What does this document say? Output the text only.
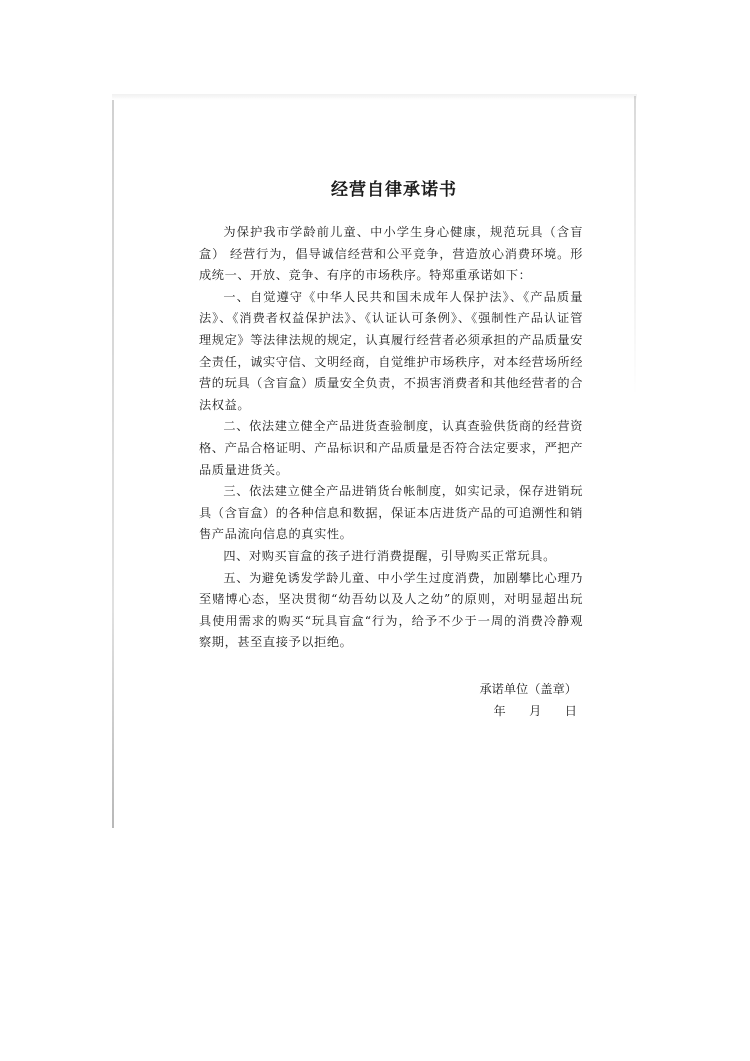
经营自律承诺书

为保护我市学龄前儿童、中小学生身心健康，规范玩具（含盲盒） 经营行为，倡导诚信经营和公平竞争，营造放心消费环境。形成统一、开放、竞争、有序的市场秩序。特郑重承诺如下：

一、自觉遵守《中华人民共和国未成年人保护法》、《产品质量法》、《消费者权益保护法》、《认证认可条例》、《强制性产品认证管理规定》等法律法规的规定，认真履行经营者必须承担的产品质量安全责任，诚实守信、文明经商，自觉维护市场秩序，对本经营场所经营的玩具（含盲盒）质量安全负责，不损害消费者和其他经营者的合法权益。

二、依法建立健全产品进货查验制度，认真查验供货商的经营资格、产品合格证明、产品标识和产品质量是否符合法定要求，严把产品质量进货关。

三、依法建立健全产品进销货台帐制度，如实记录，保存进销玩具（含盲盒）的各种信息和数据，保证本店进货产品的可追溯性和销售产品流向信息的真实性。

四、对购买盲盒的孩子进行消费提醒，引导购买正常玩具。

五、为避免诱发学龄儿童、中小学生过度消费，加剧攀比心理乃至赌博心态，坚决贯彻“幼吾幼以及人之幼”的原则，对明显超出玩具使用需求的购买“玩具盲盒“行为，给予不少于一周的消费冷静观察期，甚至直接予以拒绝。

承诺单位（盖章）
年    月    日
